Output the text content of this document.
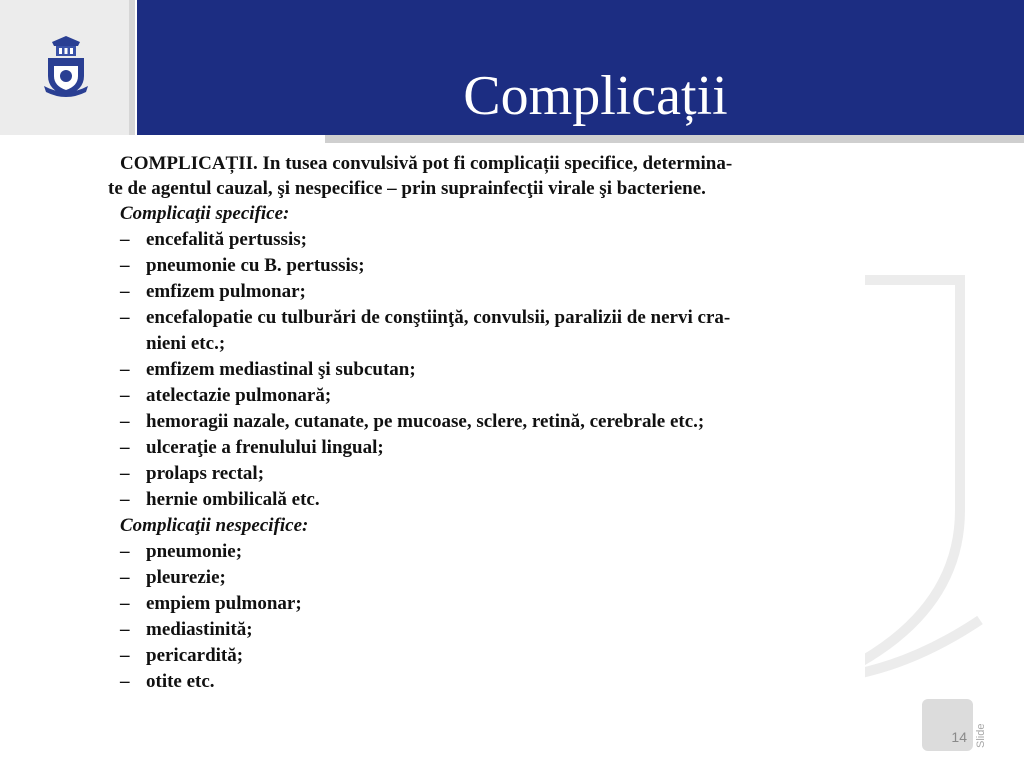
Complicații
COMPLICAȚII. In tusea convulsivă pot fi complicații specifice, determina-
te de agentul cauzal, şi nespecifice – prin suprainfecţii virale şi bacteriene.
Complicaţii specifice:
– encefalită pertussis;
– pneumonie cu B. pertussis;
– emfizem pulmonar;
– encefalopatie cu tulburări de conştiinţă, convulsii, paralizii de nervi cra-
nieni etc.;
– emfizem mediastinal şi subcutan;
– atelectazie pulmonară;
– hemoragii nazale, cutanate, pe mucoase, sclere, retină, cerebrale etc.;
– ulceraţie a frenulului lingual;
– prolaps rectal;
– hernie ombilicală etc.
Complicaţii nespecifice:
– pneumonie;
– pleurezie;
– empiem pulmonar;
– mediastinită;
– pericardită;
– otite etc.
14 Slide
